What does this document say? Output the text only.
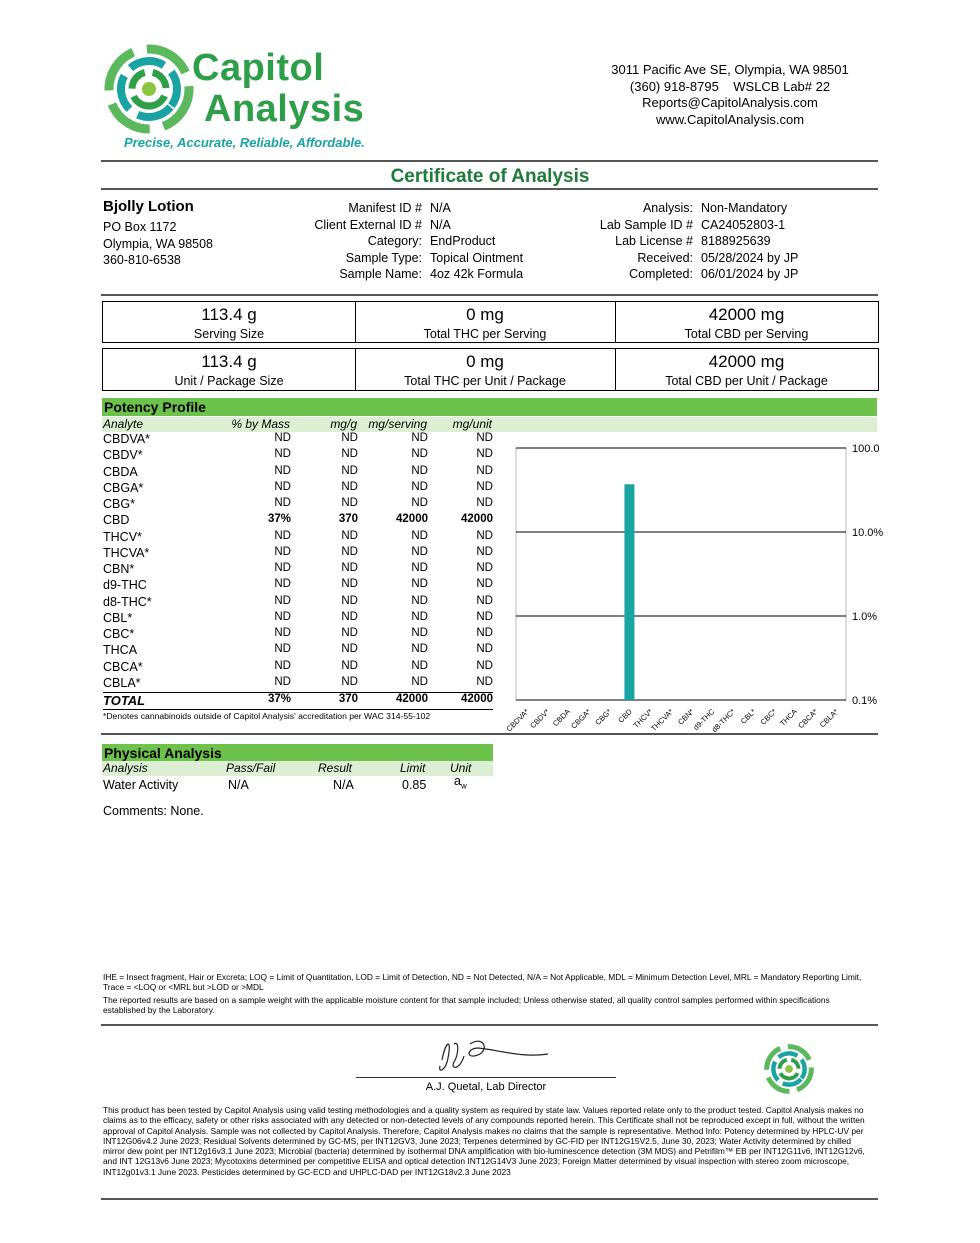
Capitol
Analysis
Precise, Accurate, Reliable, Affordable.
3011 Pacific Ave SE, Olympia, WA 98501
(360) 918-8795    WSLCB Lab# 22
Reports@CapitolAnalysis.com
www.CapitolAnalysis.com
Certificate of Analysis
Bjolly Lotion
PO Box 1172
Olympia, WA 98508
360-810-6538
Manifest ID # N/A
Client External ID # N/A
Category: EndProduct
Sample Type: Topical Ointment
Sample Name: 4oz 42k Formula
Analysis: Non-Mandatory
Lab Sample ID # CA24052803-1
Lab License # 8188925639
Received: 05/28/2024 by JP
Completed: 06/01/2024 by JP
113.4 g
Serving Size
0 mg
Total THC per Serving
42000 mg
Total CBD per Serving
113.4 g
Unit / Package Size
0 mg
Total THC per Unit / Package
42000 mg
Total CBD per Unit / Package
Potency Profile
Analyte	% by Mass	mg/g mg/serving	mg/unit
CBDVA*	ND	ND	ND	ND
CBDV*	ND	ND	ND	ND
CBDA	ND	ND	ND	ND
CBGA*	ND	ND	ND	ND
CBG*	ND	ND	ND	ND
CBD	37%	370	42000	42000
THCV*	ND	ND	ND	ND
THCVA*	ND	ND	ND	ND
CBN*	ND	ND	ND	ND
d9-THC	ND	ND	ND	ND
d8-THC*	ND	ND	ND	ND
CBL*	ND	ND	ND	ND
CBC*	ND	ND	ND	ND
THCA	ND	ND	ND	ND
CBCA*	ND	ND	ND	ND
CBLA*	ND	ND	ND	ND
TOTAL	37%	370	42000	42000
*Denotes cannabinoids outside of Capitol Analysis' accreditation per WAC 314-55-102
100.0
10.0%
1.0%
0.1%
CBDVA*
CBDV* CBDA
CBGA* CBG* CBD
THCV*
THCVA* CBN*
d9-THC
d8-THC* CBL* CBC* THCA
CBCA*
CBLA*
Physical Analysis
Analysis	Pass/Fail	Result	Limit Unit
Water Activity	N/A	N/A	0.85 $a_w$
Comments: None.
IHE = Insect fragment, Hair or Excreta; LOQ = Limit of Quantitation, LOD = Limit of Detection, ND = Not Detected, N/A = Not Applicable, MDL = Minimum Detection Level, MRL = Mandatory Reporting Limit, Trace = <LOQ or <MRL but >LOD or >MDL
The reported results are based on a sample weight with the applicable moisture content for that sample included; Unless otherwise stated, all quality control samples performed within specifications established by the Laboratory.
A.J. Quetal, Lab Director
This product has been tested by Capitol Analysis using valid testing methodologies and a quality system as required by state law. Values reported relate only to the product tested. Capitol Analysis makes no claims as to the efficacy, safety or other risks associated with any detected or non-detected levels of any compounds reported herein. This Certificate shall not be reproduced except in full, without the written approval of Capitol Analysis. Sample was not collected by Capitol Analysis. Therefore, Capitol Analysis makes no claims that the sample is representative. Method Info: Potency determined by HPLC-UV per INT12G06v4.2 June 2023; Residual Solvents determined by GC-MS, per INT12GV3, June 2023; Terpenes determined by GC-FID per INT12G15V2.5, June 30, 2023; Water Activity determined by chilled mirror dew point per INT12g16v3.1 June 2023; Microbial (bacteria) determined by isothermal DNA amplification with bio-luminescence detection (3M MDS) and Petrifilm™ EB per INT12G11v6, INT12G12v6, and INT 12G13v6 June 2023; Mycotoxins determined per competitive ELISA and optical detection INT12G14V3 June 2023; Foreign Matter determined by visual inspection with stereo zoom microscope, INT12g01v3.1 June 2023. Pesticides determined by GC-ECD and UHPLC-DAD per INT12G18v2.3 June 2023
